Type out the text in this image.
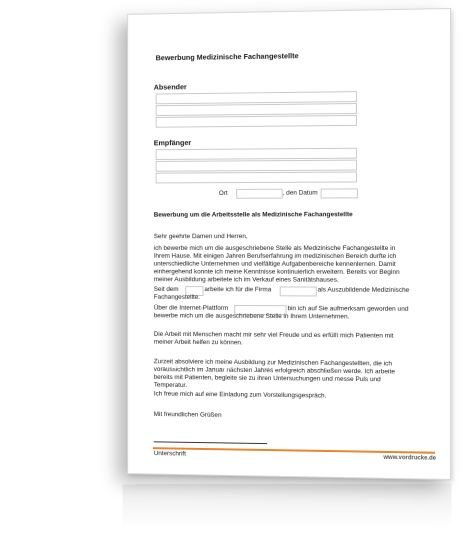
Bewerbung Medizinische Fachangestellte
Absender
Empfänger
Ort	, den Datum
Bewerbung um die Arbeitsstelle als Medizinische Fachangestellte
Sehr geehrte Damen und Herren,
ich bewerbe mich um die ausgeschriebene Stelle als Medizinische Fachangestellte in Ihrem Hause. Mit einigen Jahren Berufserfahrung im medizinischen Bereich durfte ich unterschiedliche Unternehmen und vielfältige Aufgabenbereiche kennenlernen. Damit einhergehend konnte ich meine Kenntnisse kontinuierlich erweitern. Bereits vor Beginn meiner Ausbildung arbeitete ich im Verkauf eines Sanitätshauses.
Seit dem	arbeite ich für die Firma	als Auszubildende Medizinische
Fachangestellte.
Über die Internet-Plattform	bin ich auf Sie aufmerksam geworden und
bewerbe mich um die ausgeschriebene Stelle in Ihrem Unternehmen.
Die Arbeit mit Menschen macht mir sehr viel Freude und es erfüllt mich Patienten mit meiner Arbeit helfen zu können.
Zurzeit absolviere ich meine Ausbildung zur Medizinischen Fachangestellten, die ich voraussichtlich im Januar nächsten Jahres erfolgreich abschließen werde. Ich arbeite bereits mit Patienten, begleite sie zu ihren Untersuchungen und messe Puls und Temperatur.
Ich freue mich auf eine Einladung zum Vorstellungsgespräch.
Mit freundlichen Grüßen
Unterschrift
www.vordrucke.de
